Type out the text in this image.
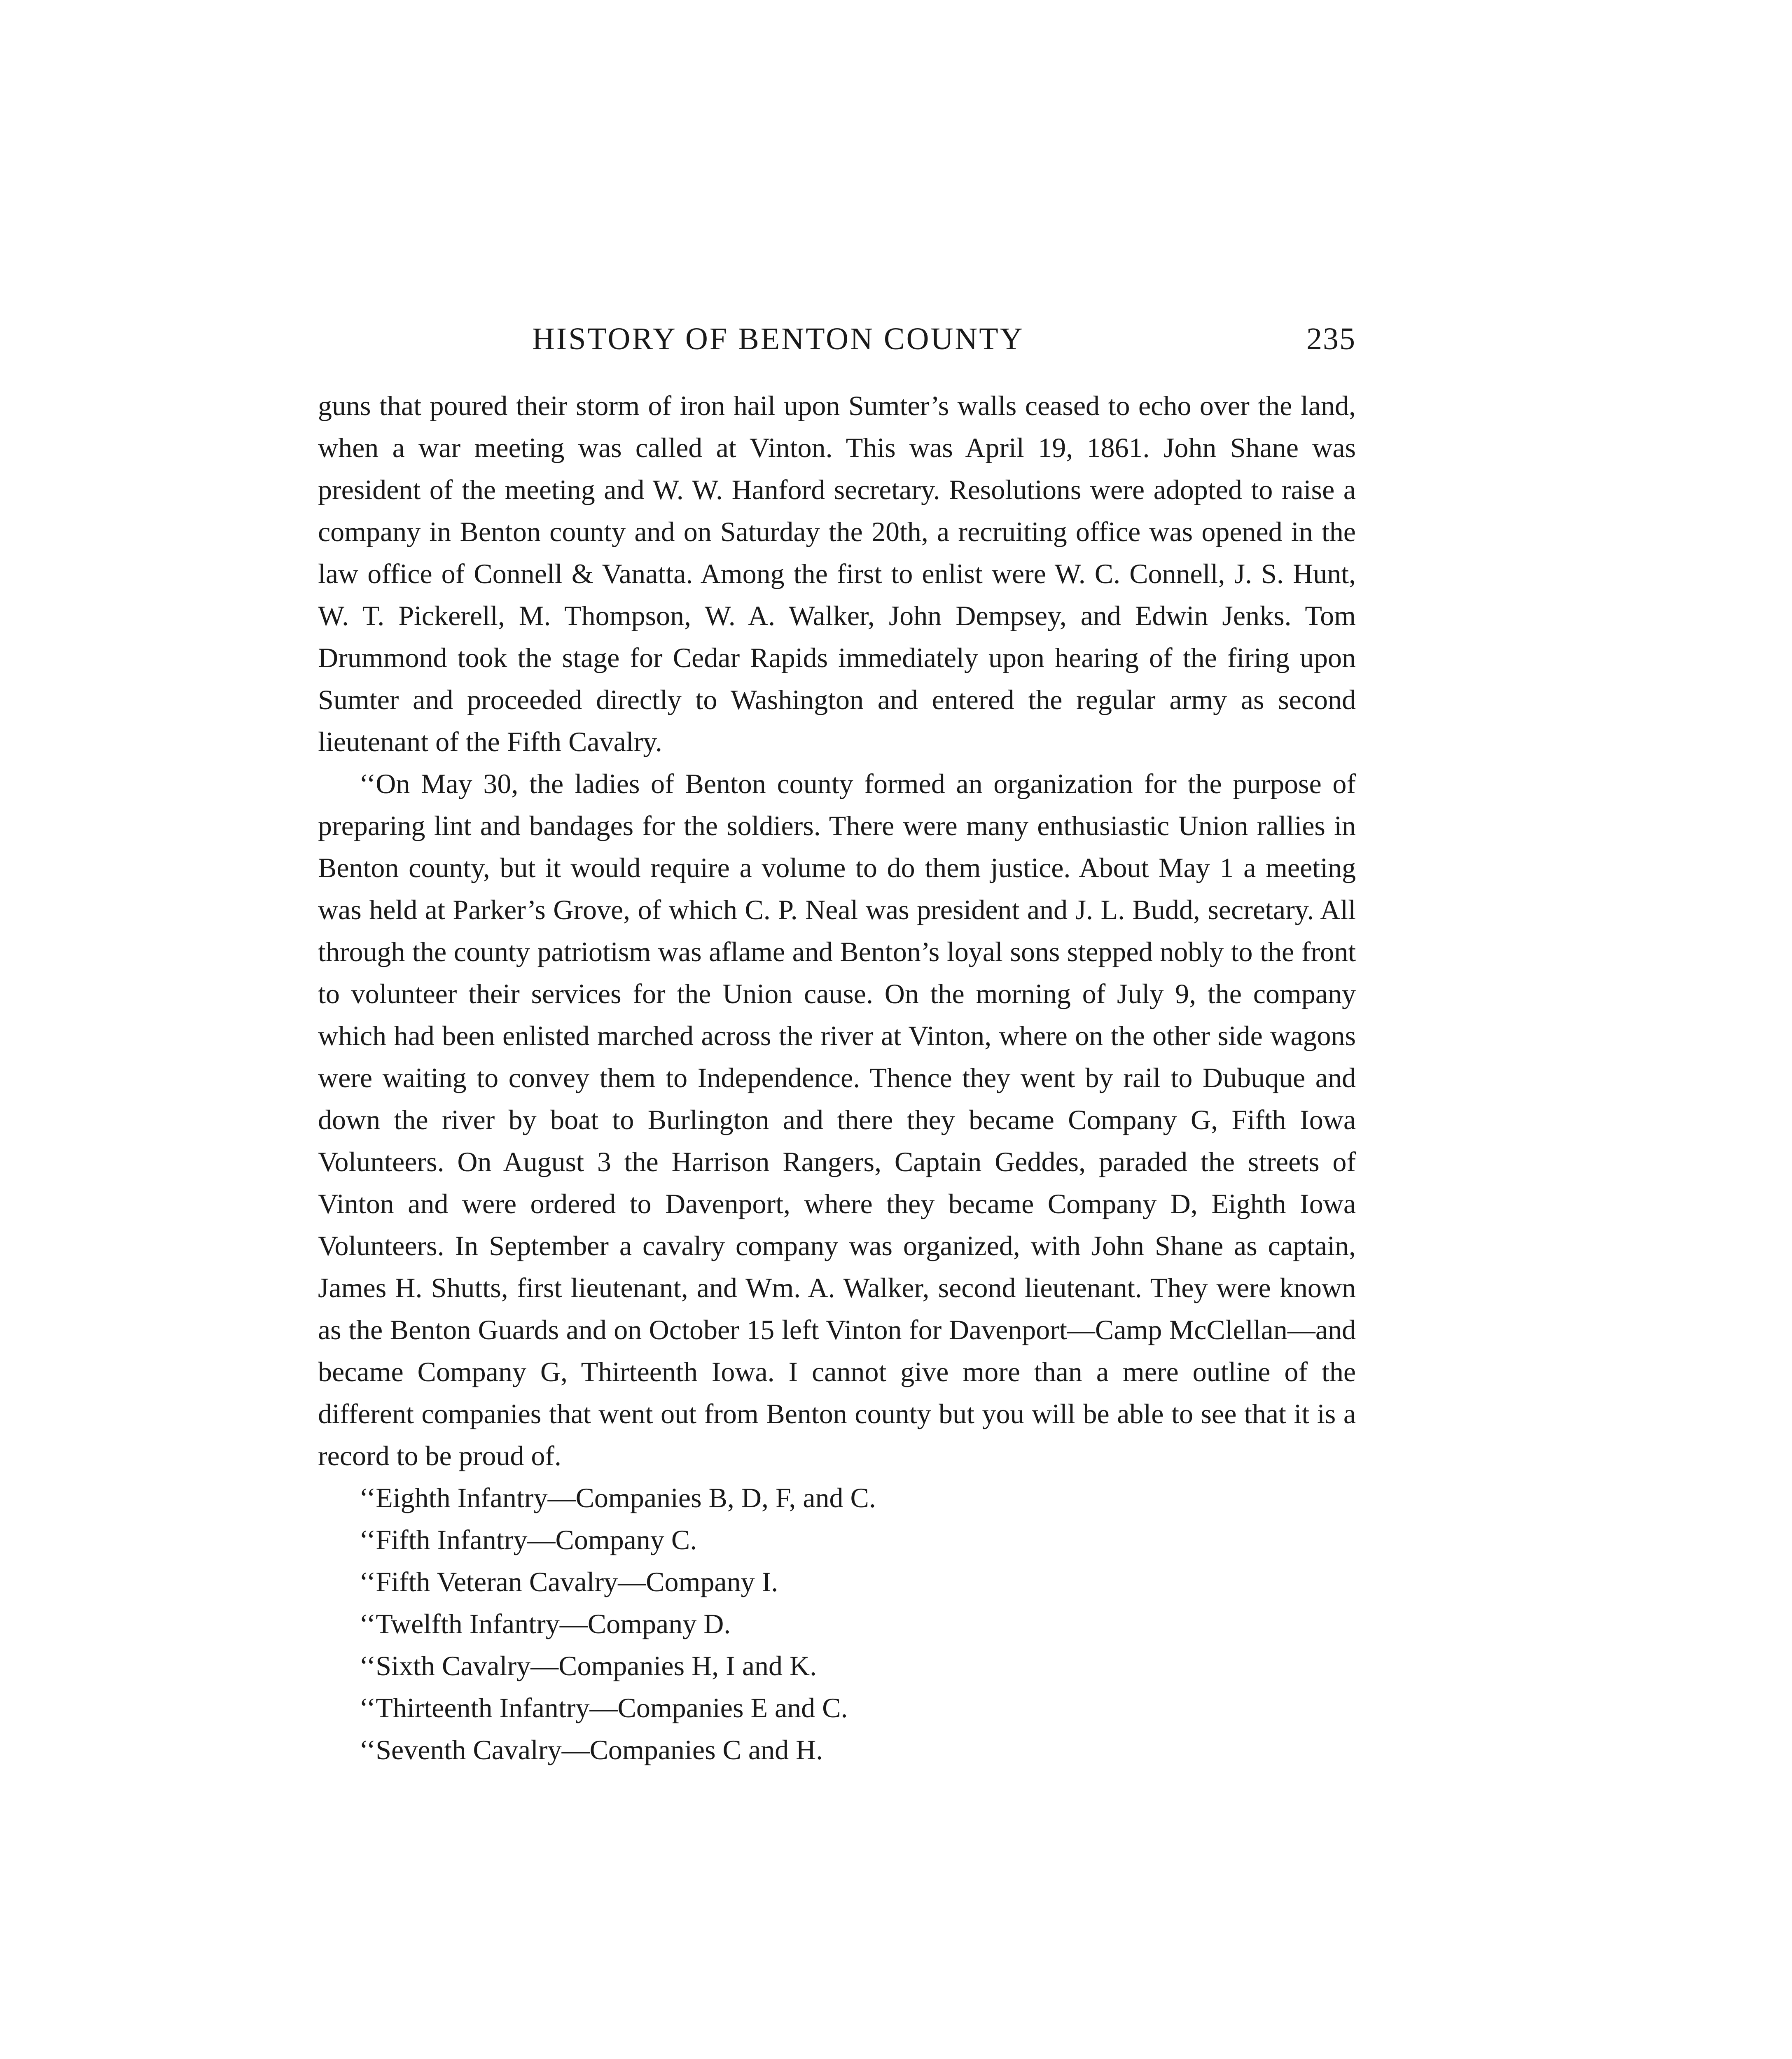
HISTORY OF BENTON COUNTY	235

guns that poured their storm of iron hail upon Sumter’s walls ceased to echo over the land, when a war meeting was called at Vinton. This was April 19, 1861. John Shane was president of the meeting and W. W. Hanford secretary. Resolutions were adopted to raise a company in Benton county and on Saturday the 20th, a recruiting office was opened in the law office of Connell & Vanatta. Among the first to enlist were W. C. Connell, J. S. Hunt, W. T. Pickerell, M. Thompson, W. A. Walker, John Dempsey, and Edwin Jenks. Tom Drummond took the stage for Cedar Rapids immediately upon hearing of the firing upon Sumter and proceeded directly to Washington and entered the regular army as second lieutenant of the Fifth Cavalry.

‘‘On May 30, the ladies of Benton county formed an organization for the purpose of preparing lint and bandages for the soldiers. There were many enthusiastic Union rallies in Benton county, but it would require a volume to do them justice. About May 1 a meeting was held at Parker’s Grove, of which C. P. Neal was president and J. L. Budd, secretary. All through the county patriotism was aflame and Benton’s loyal sons stepped nobly to the front to volunteer their services for the Union cause. On the morning of July 9, the company which had been enlisted marched across the river at Vinton, where on the other side wagons were waiting to convey them to Independence. Thence they went by rail to Dubuque and down the river by boat to Burlington and there they became Company G, Fifth Iowa Volunteers. On August 3 the Harrison Rangers, Captain Geddes, paraded the streets of Vinton and were ordered to Davenport, where they became Company D, Eighth Iowa Volunteers. In September a cavalry company was organized, with John Shane as captain, James H. Shutts, first lieutenant, and Wm. A. Walker, second lieutenant. They were known as the Benton Guards and on October 15 left Vinton for Davenport—Camp McClellan—and became Company G, Thirteenth Iowa. I cannot give more than a mere outline of the different companies that went out from Benton county but you will be able to see that it is a record to be proud of.

‘‘Eighth Infantry—Companies B, D, F, and C.
‘‘Fifth Infantry—Company C.
‘‘Fifth Veteran Cavalry—Company I.
‘‘Twelfth Infantry—Company D.
‘‘Sixth Cavalry—Companies H, I and K.
‘‘Thirteenth Infantry—Companies E and C.
‘‘Seventh Cavalry—Companies C and H.
